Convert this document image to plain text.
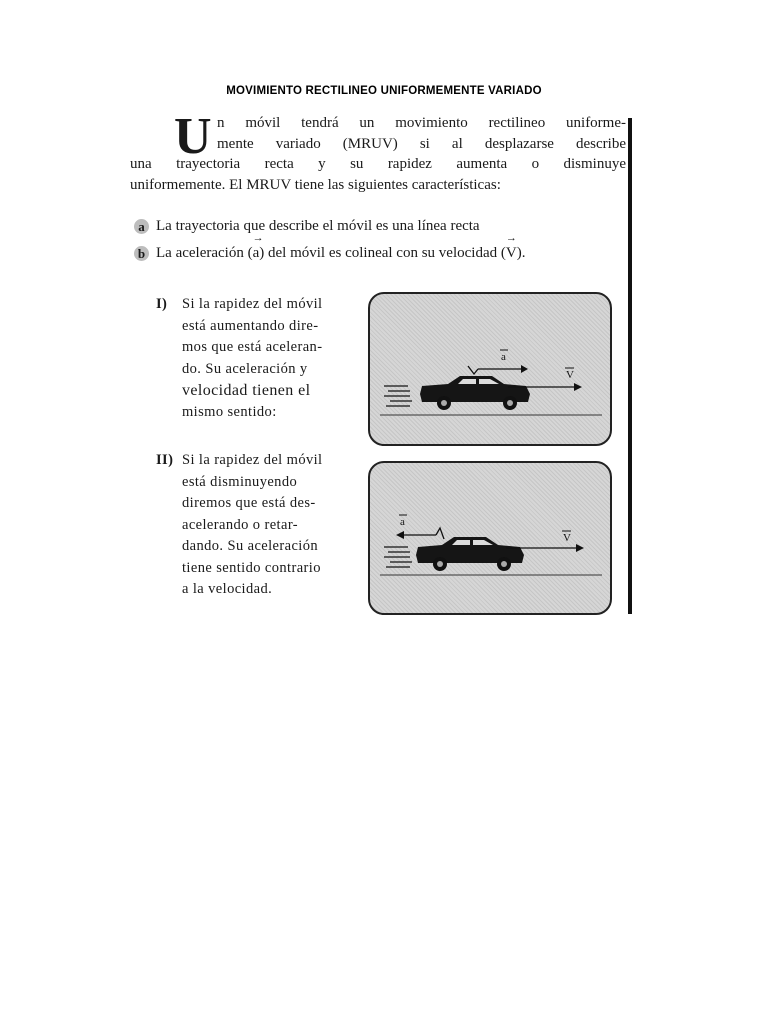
MOVIMIENTO RECTILINEO UNIFORMEMENTE VARIADO
U n móvil tendrá un movimiento rectilineo uniforme-
mente variado (MRUV) si al desplazarse describe
una trayectoria recta y su rapidez aumenta o disminuye
uniformemente. El MRUV tiene las siguientes características:
a La trayectoria que describe el móvil es una línea recta
b La aceleración (→ a) del móvil es colineal con su velocidad (→ V).
I) Si la rapidez del móvil
está aumentando dire-
mos que está aceleran-
do. Su aceleración y
velocidad tienen el
mismo sentido:
II) Si la rapidez del móvil
está disminuyendo
diremos que está des-
acelerando o retar-
dando. Su aceleración
tiene sentido contrario
a la velocidad.
a
V
a
V
